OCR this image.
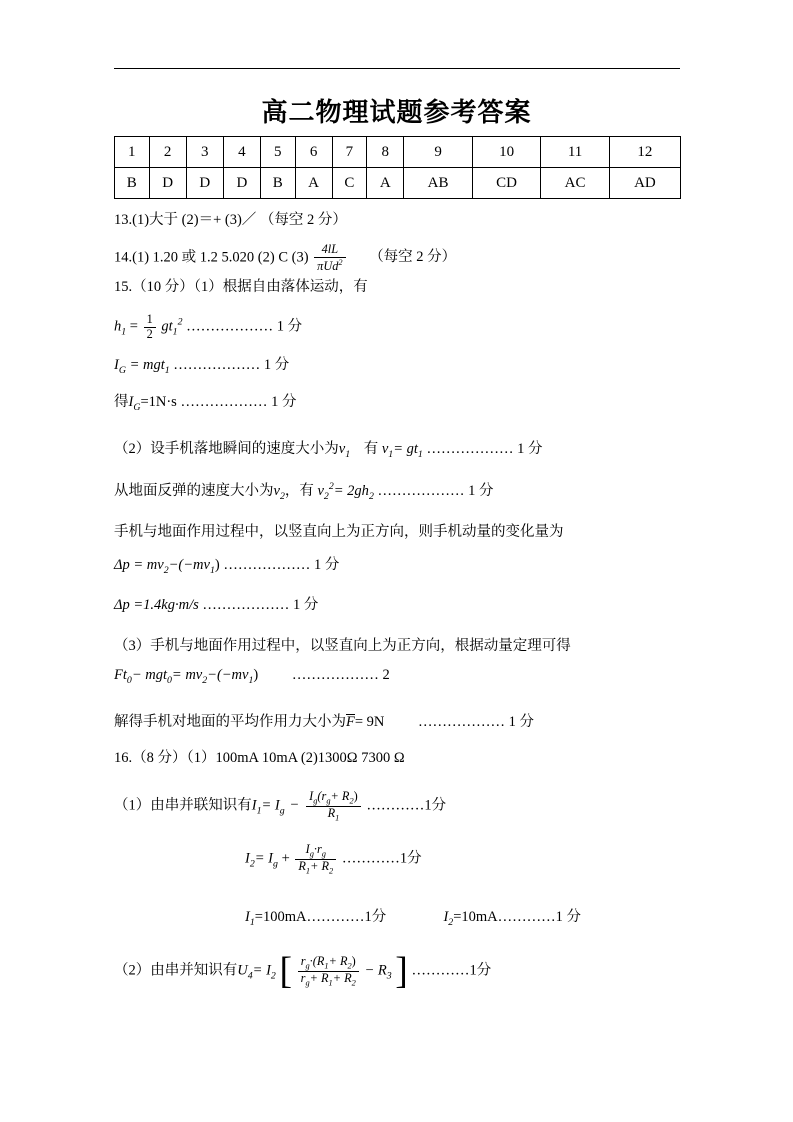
高二物理试题参考答案
1	2	3	4	5	6	7	8	9	10	11	12
B	D	D	D	B	A	C	A	AB	CD	AC	AD
13.(1)大于 (2)＝+ (3)／ （每空 2 分）
14.(1) 1.20 或 1.2 5.020 (2) C $(3) \frac{4lL}{\pi Ud^2}$ （每空 2 分）
15.（10 分）（1）根据自由落体运动，有
$h_1 = \frac{1}{2} gt_1^2$ ……………… 1 分
$I_G = mgt_1$ ……………… 1 分
得$I_G=1N\cdot s$ ……………… 1 分
（2）设手机落地瞬间的速度大小为$v_1$ 有 $v_1= gt_1$ ……………… 1 分
从地面反弹的速度大小为$v_2$，有 $v_2^2= 2gh_2$ ……………… 1 分
手机与地面作用过程中，以竖直向上为正方向，则手机动量的变化量为
$\Delta p = mv_2-(-mv_1)$ ……………… 1 分
Δp =1.4kg·m/s ……………… 1 分
（3）手机与地面作用过程中，以竖直向上为正方向，根据动量定理可得
$Ft_0- mgt_0= mv_2-(-mv_1)$ ……………… 2
解得手机对地面的平均作用力大小为F= 9N ……………… 1 分
16.（8 分）（1）100mA 10mA (2)1300Ω 7300 Ω
（1）由串并联知识有$I_1= I_g - \frac{I_g(r_g+ R_2)}{R_1}$ …………1分
$I_2= I_g + \frac{I_g\cdot r_g}{R_1+ R_2}$ …………1分
$I_1=100mA\dots\dots\dots\dots 1$分	$I_2=10mA\dots\dots\dots\dots 1$ 分
（2）由串并知识有$U_4= I_2$ [ $\frac{r_g\cdot(R_1+ R_2)}{r_g+ R_1+ R_2} - R_3$ ] …………1分
